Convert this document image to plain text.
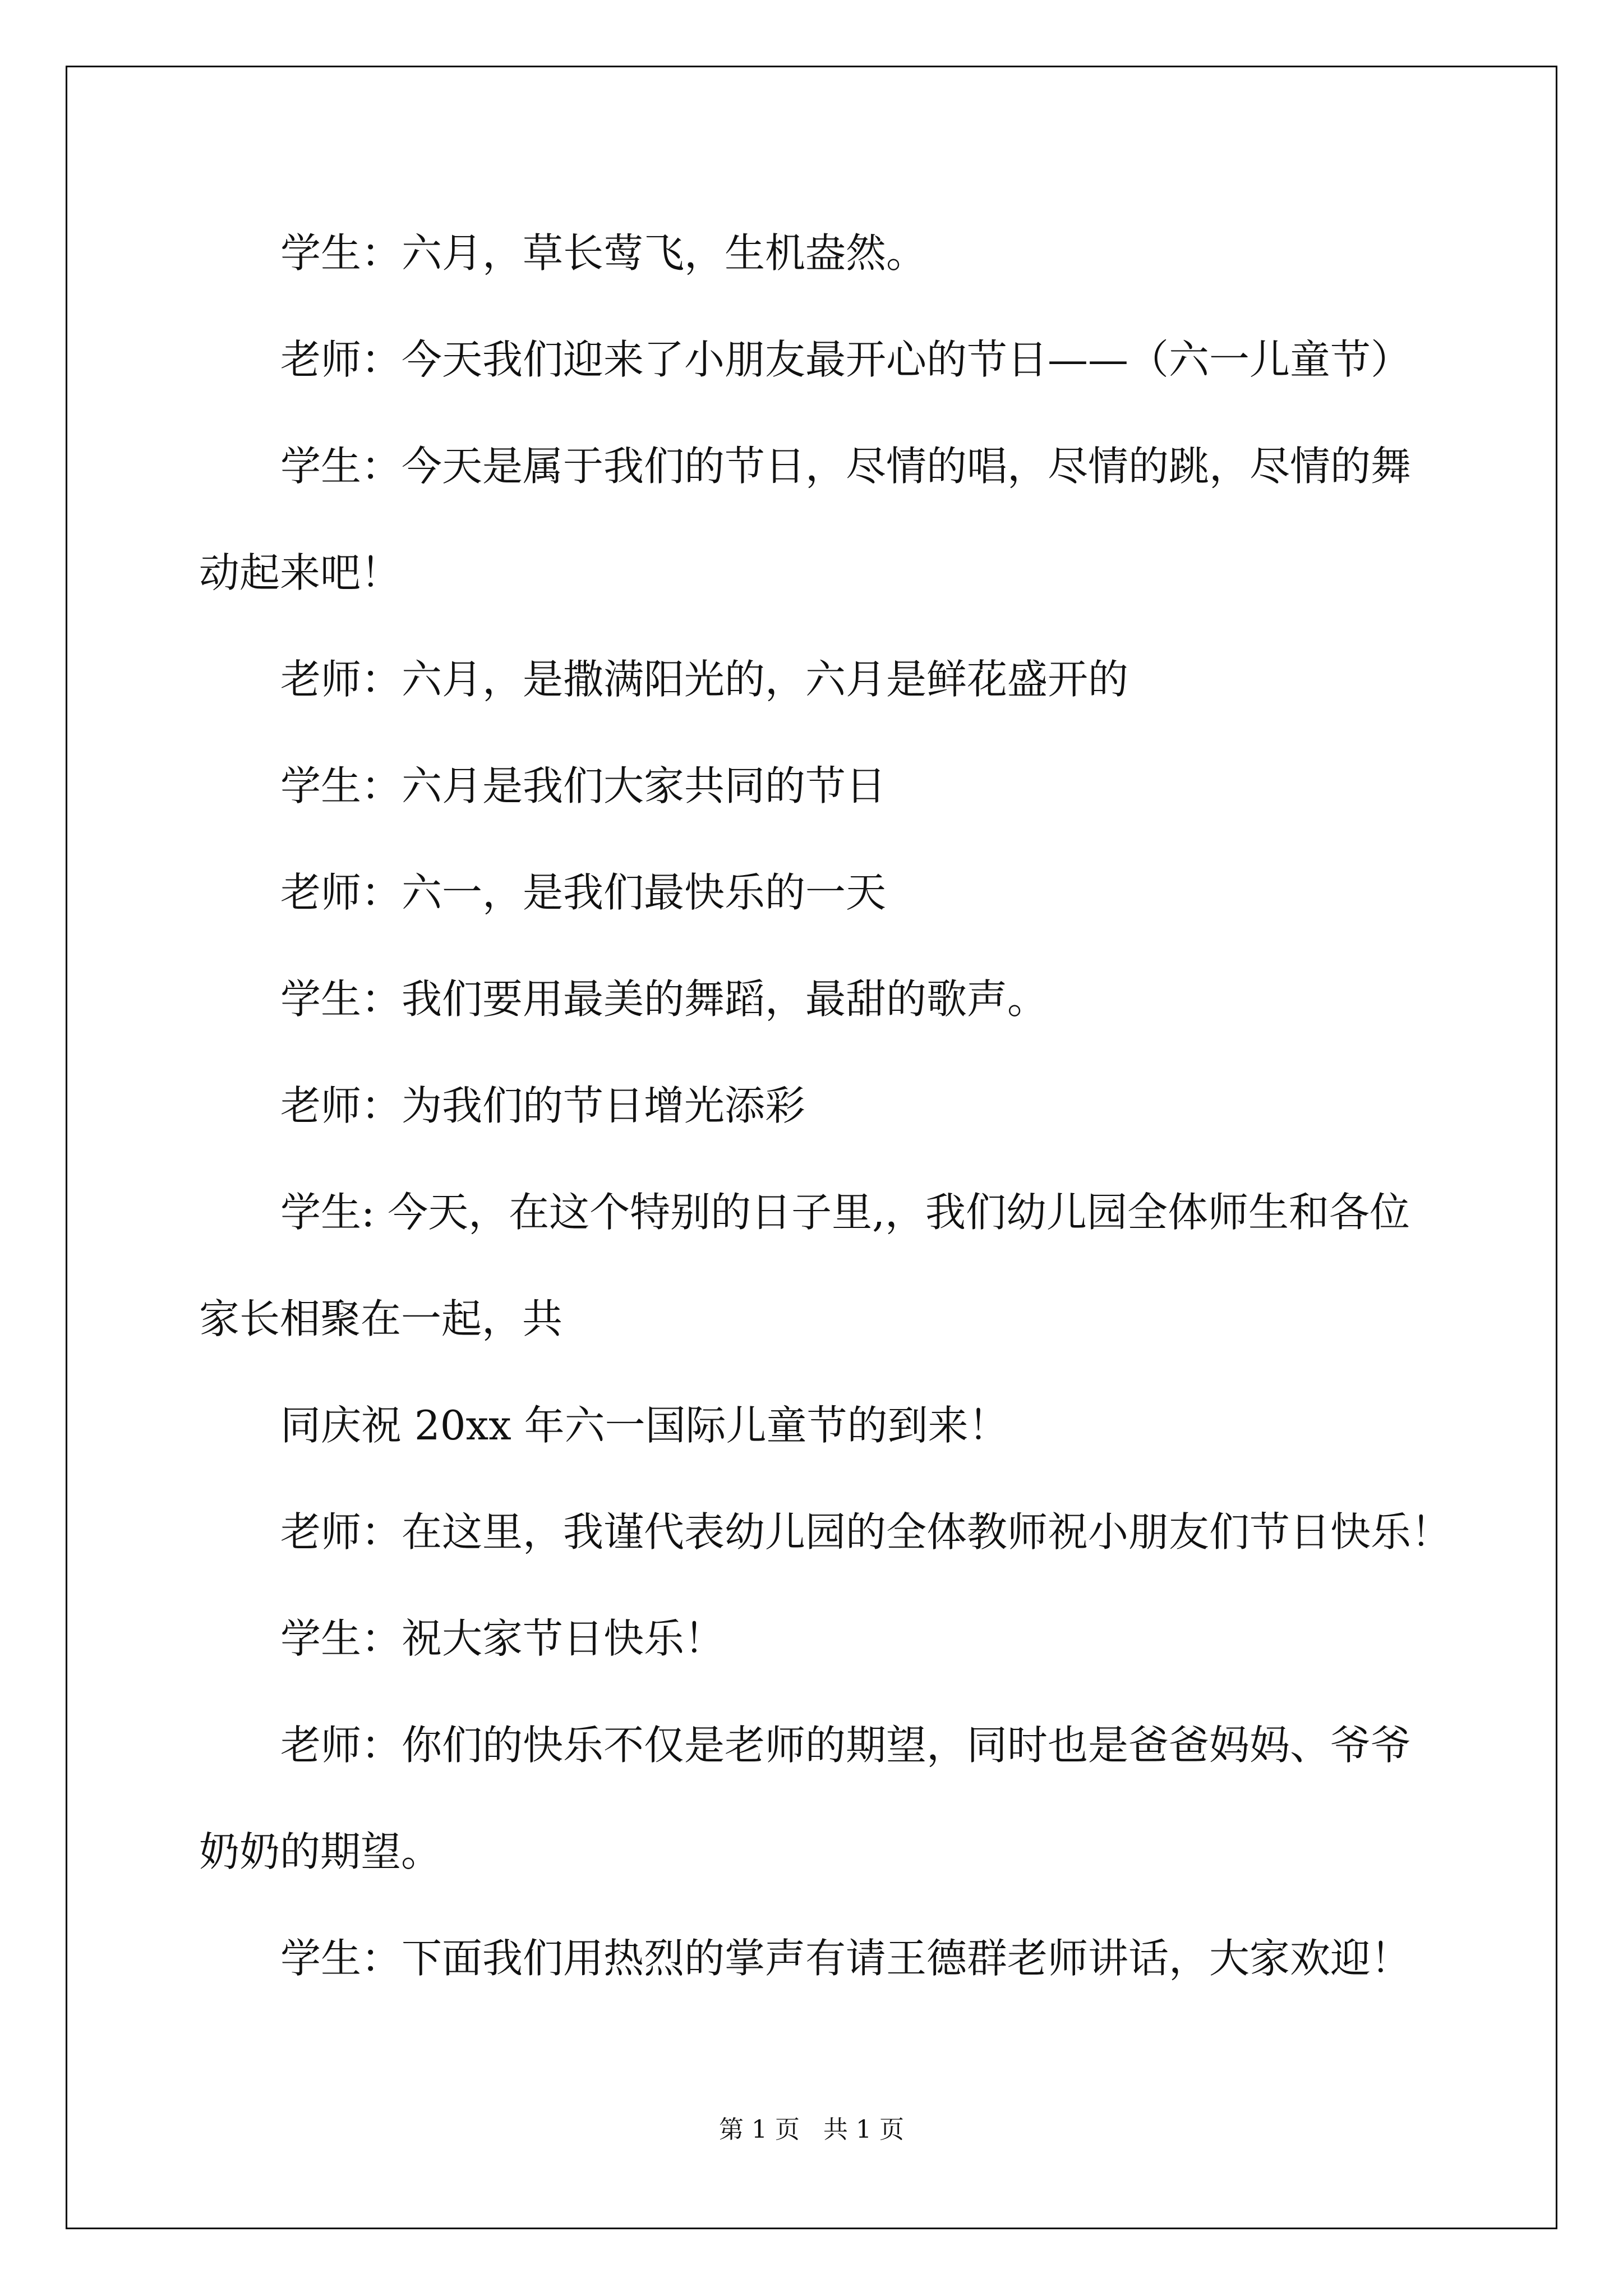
学生：六月，草长莺飞，生机盎然。
老师：今天我们迎来了小朋友最开心的节日——（六一儿童节）
学生：今天是属于我们的节日，尽情的唱，尽情的跳，尽情的舞
动起来吧！
老师：六月，是撒满阳光的，六月是鲜花盛开的
学生：六月是我们大家共同的节日
老师：六一，是我们最快乐的一天
学生：我们要用最美的舞蹈，最甜的歌声。
老师：为我们的节日增光添彩
学生: 今天，在这个特别的日子里,，我们幼儿园全体师生和各位
家长相聚在一起，共
同庆祝 20xx 年六一国际儿童节的到来！
老师：在这里，我谨代表幼儿园的全体教师祝小朋友们节日快乐！
学生：祝大家节日快乐！
老师：你们的快乐不仅是老师的期望，同时也是爸爸妈妈、爷爷
奶奶的期望。
学生：下面我们用热烈的掌声有请王德群老师讲话，大家欢迎！
第 1 页   共 1 页
